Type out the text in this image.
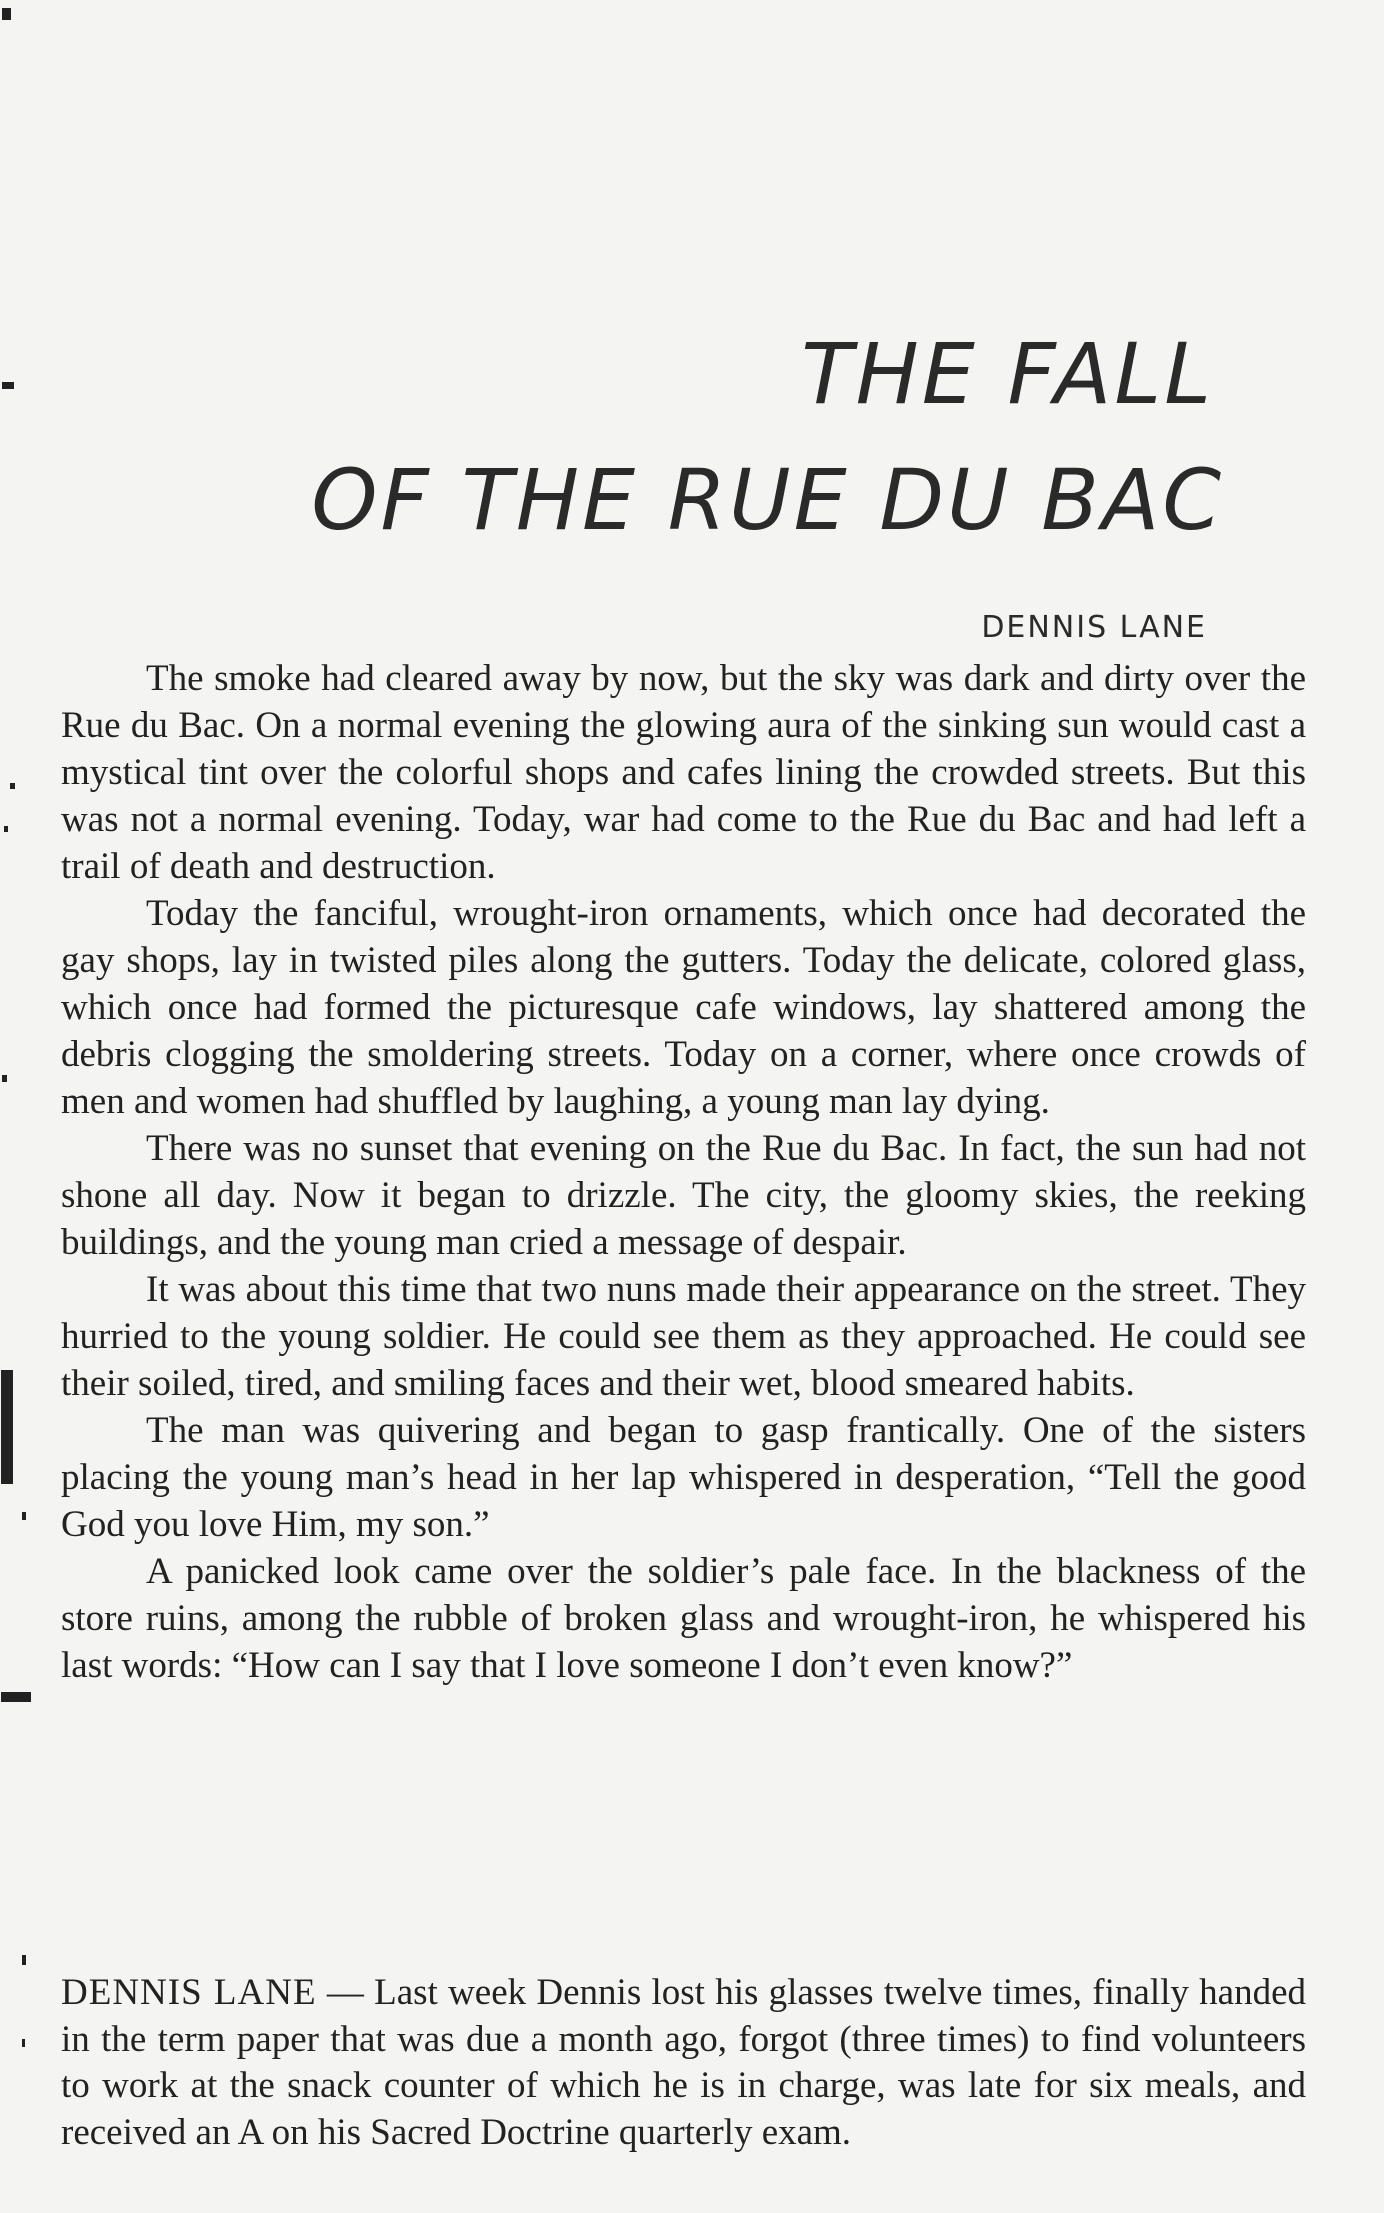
THE FALL
OF THE RUE DU BAC
DENNIS LANE

The smoke had cleared away by now, but the sky was dark and dirty over the Rue du Bac. On a normal evening the glowing aura of the sinking sun would cast a mystical tint over the colorful shops and cafes lining the crowded streets. But this was not a normal evening. Today, war had come to the Rue du Bac and had left a trail of death and destruction.

Today the fanciful, wrought-iron ornaments, which once had decorated the gay shops, lay in twisted piles along the gutters. Today the delicate, colored glass, which once had formed the picturesque cafe windows, lay shattered among the debris clogging the smoldering streets. Today on a corner, where once crowds of men and women had shuffled by laughing, a young man lay dying.

There was no sunset that evening on the Rue du Bac. In fact, the sun had not shone all day. Now it began to drizzle. The city, the gloomy skies, the reeking buildings, and the young man cried a message of despair.

It was about this time that two nuns made their appearance on the street. They hurried to the young soldier. He could see them as they approached. He could see their soiled, tired, and smiling faces and their wet, blood smeared habits.

The man was quivering and began to gasp frantically. One of the sisters placing the young man’s head in her lap whispered in desperation, “Tell the good God you love Him, my son.”

A panicked look came over the soldier’s pale face. In the blackness of the store ruins, among the rubble of broken glass and wrought-iron, he whispered his last words: “How can I say that I love someone I don’t even know?”

DENNIS LANE — Last week Dennis lost his glasses twelve times, finally handed in the term paper that was due a month ago, forgot (three times) to find volunteers to work at the snack counter of which he is in charge, was late for six meals, and received an A on his Sacred Doctrine quarterly exam.
